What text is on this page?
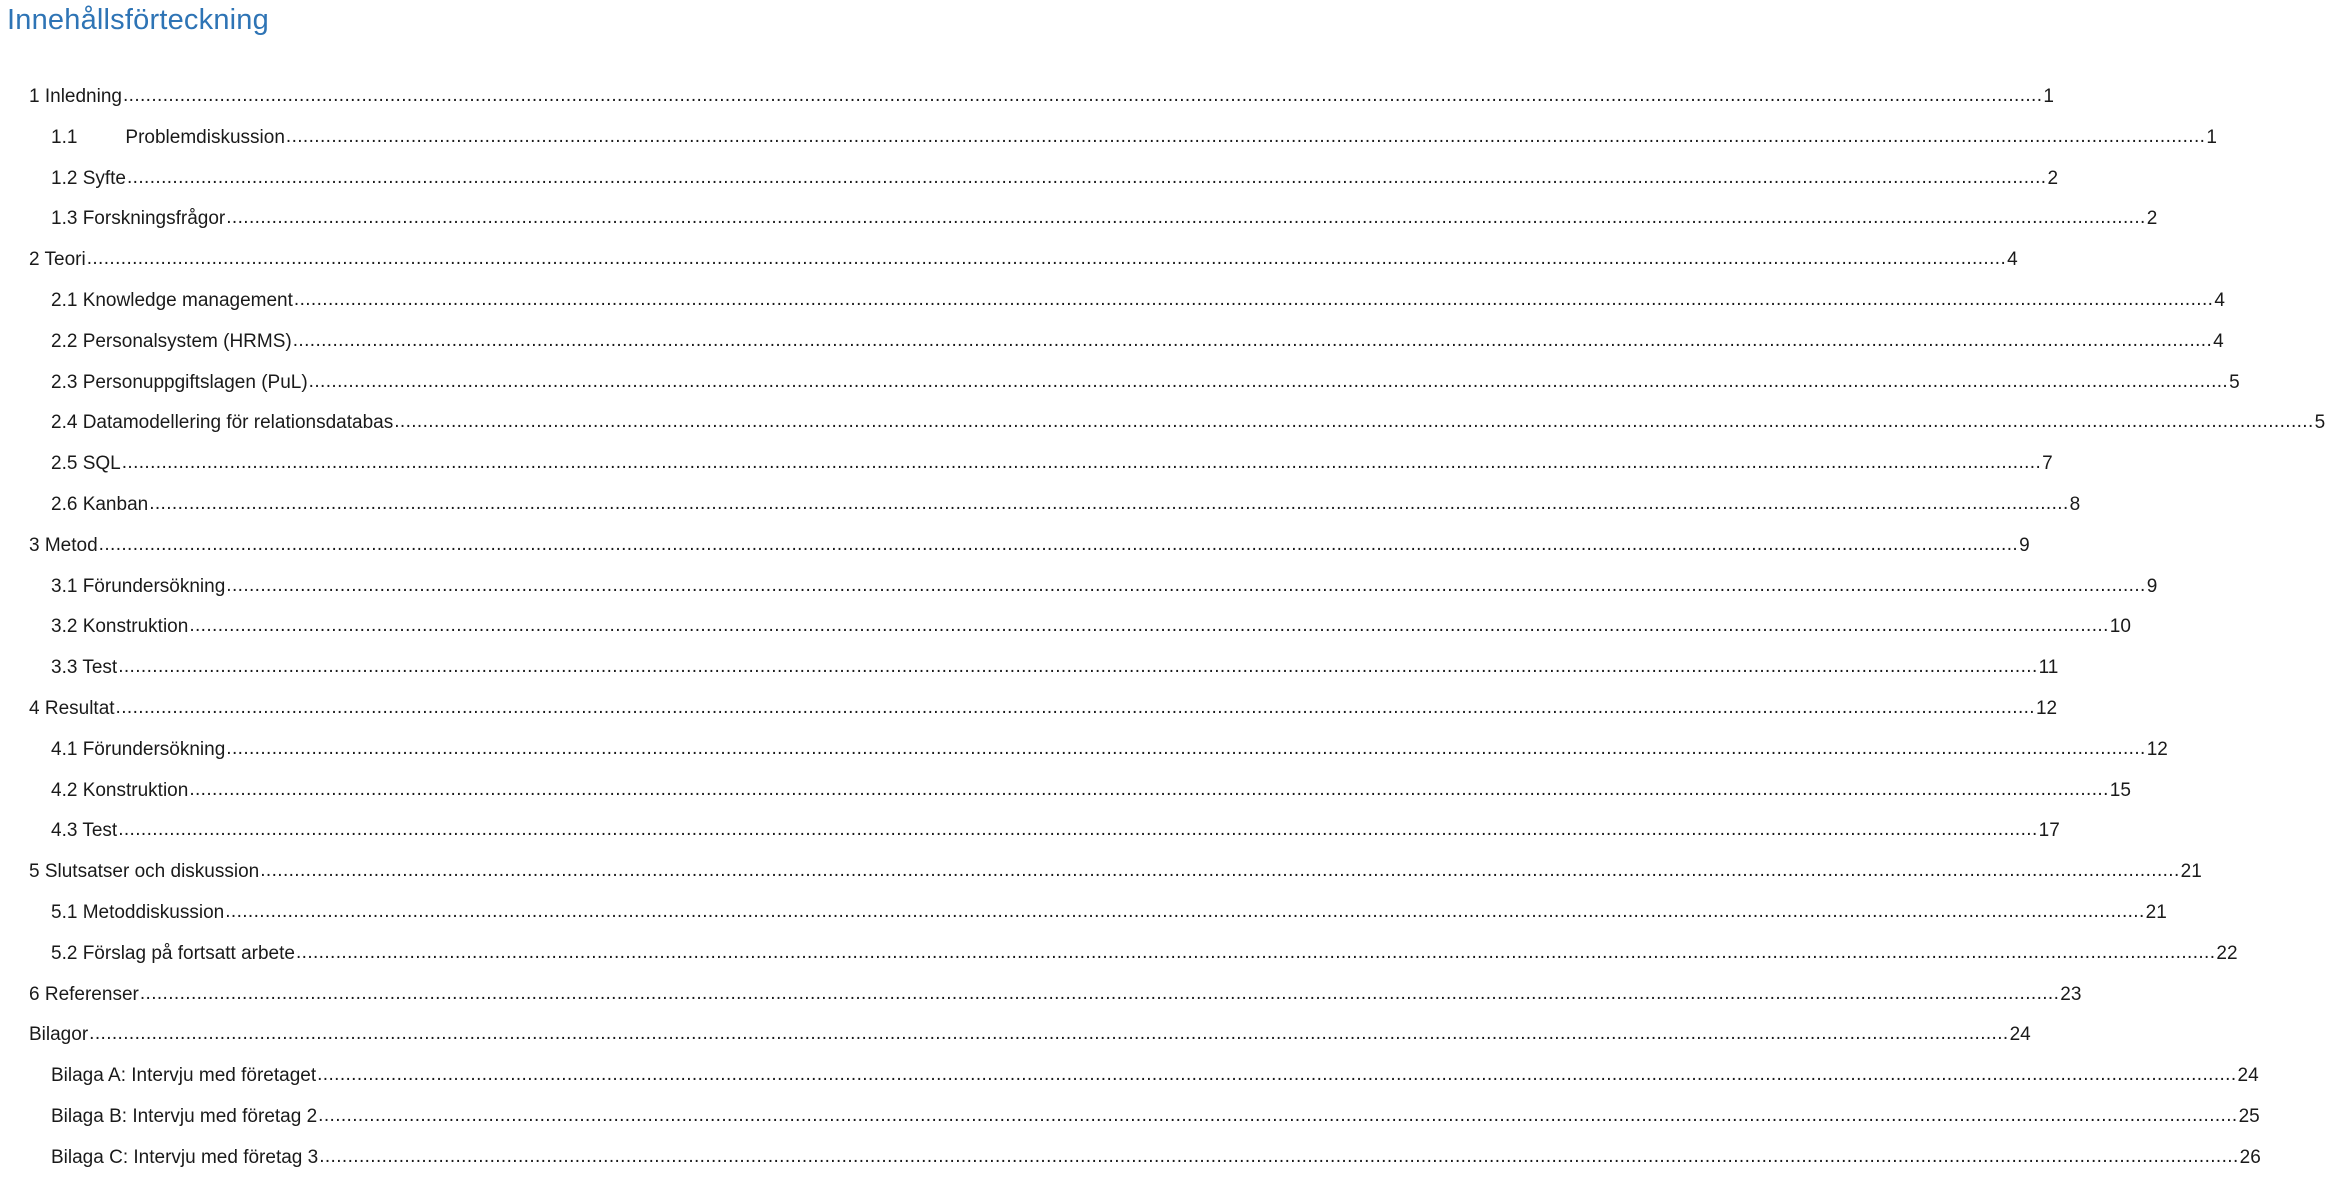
Innehållsförteckning
1 Inledning .....	1
1.1	Problemdiskussion .....	1
1.2 Syfte .....	2
1.3 Forskningsfrågor .....	2
2 Teori .....	4
2.1 Knowledge management .....	4
2.2 Personalsystem (HRMS) .....	4
2.3 Personuppgiftslagen (PuL) .....	5
2.4 Datamodellering för relationsdatabas .....	5
2.5 SQL .....	7
2.6 Kanban .....	8
3 Metod .....	9
3.1 Förundersökning .....	9
3.2 Konstruktion .....	10
3.3 Test .....	11
4 Resultat .....	12
4.1 Förundersökning .....	12
4.2 Konstruktion .....	15
4.3 Test .....	17
5 Slutsatser och diskussion .....	21
5.1 Metoddiskussion .....	21
5.2 Förslag på fortsatt arbete .....	22
6 Referenser .....	23
Bilagor .....	24
Bilaga A: Intervju med företaget .....	24
Bilaga B: Intervju med företag 2 .....	25
Bilaga C: Intervju med företag 3 .....	26
